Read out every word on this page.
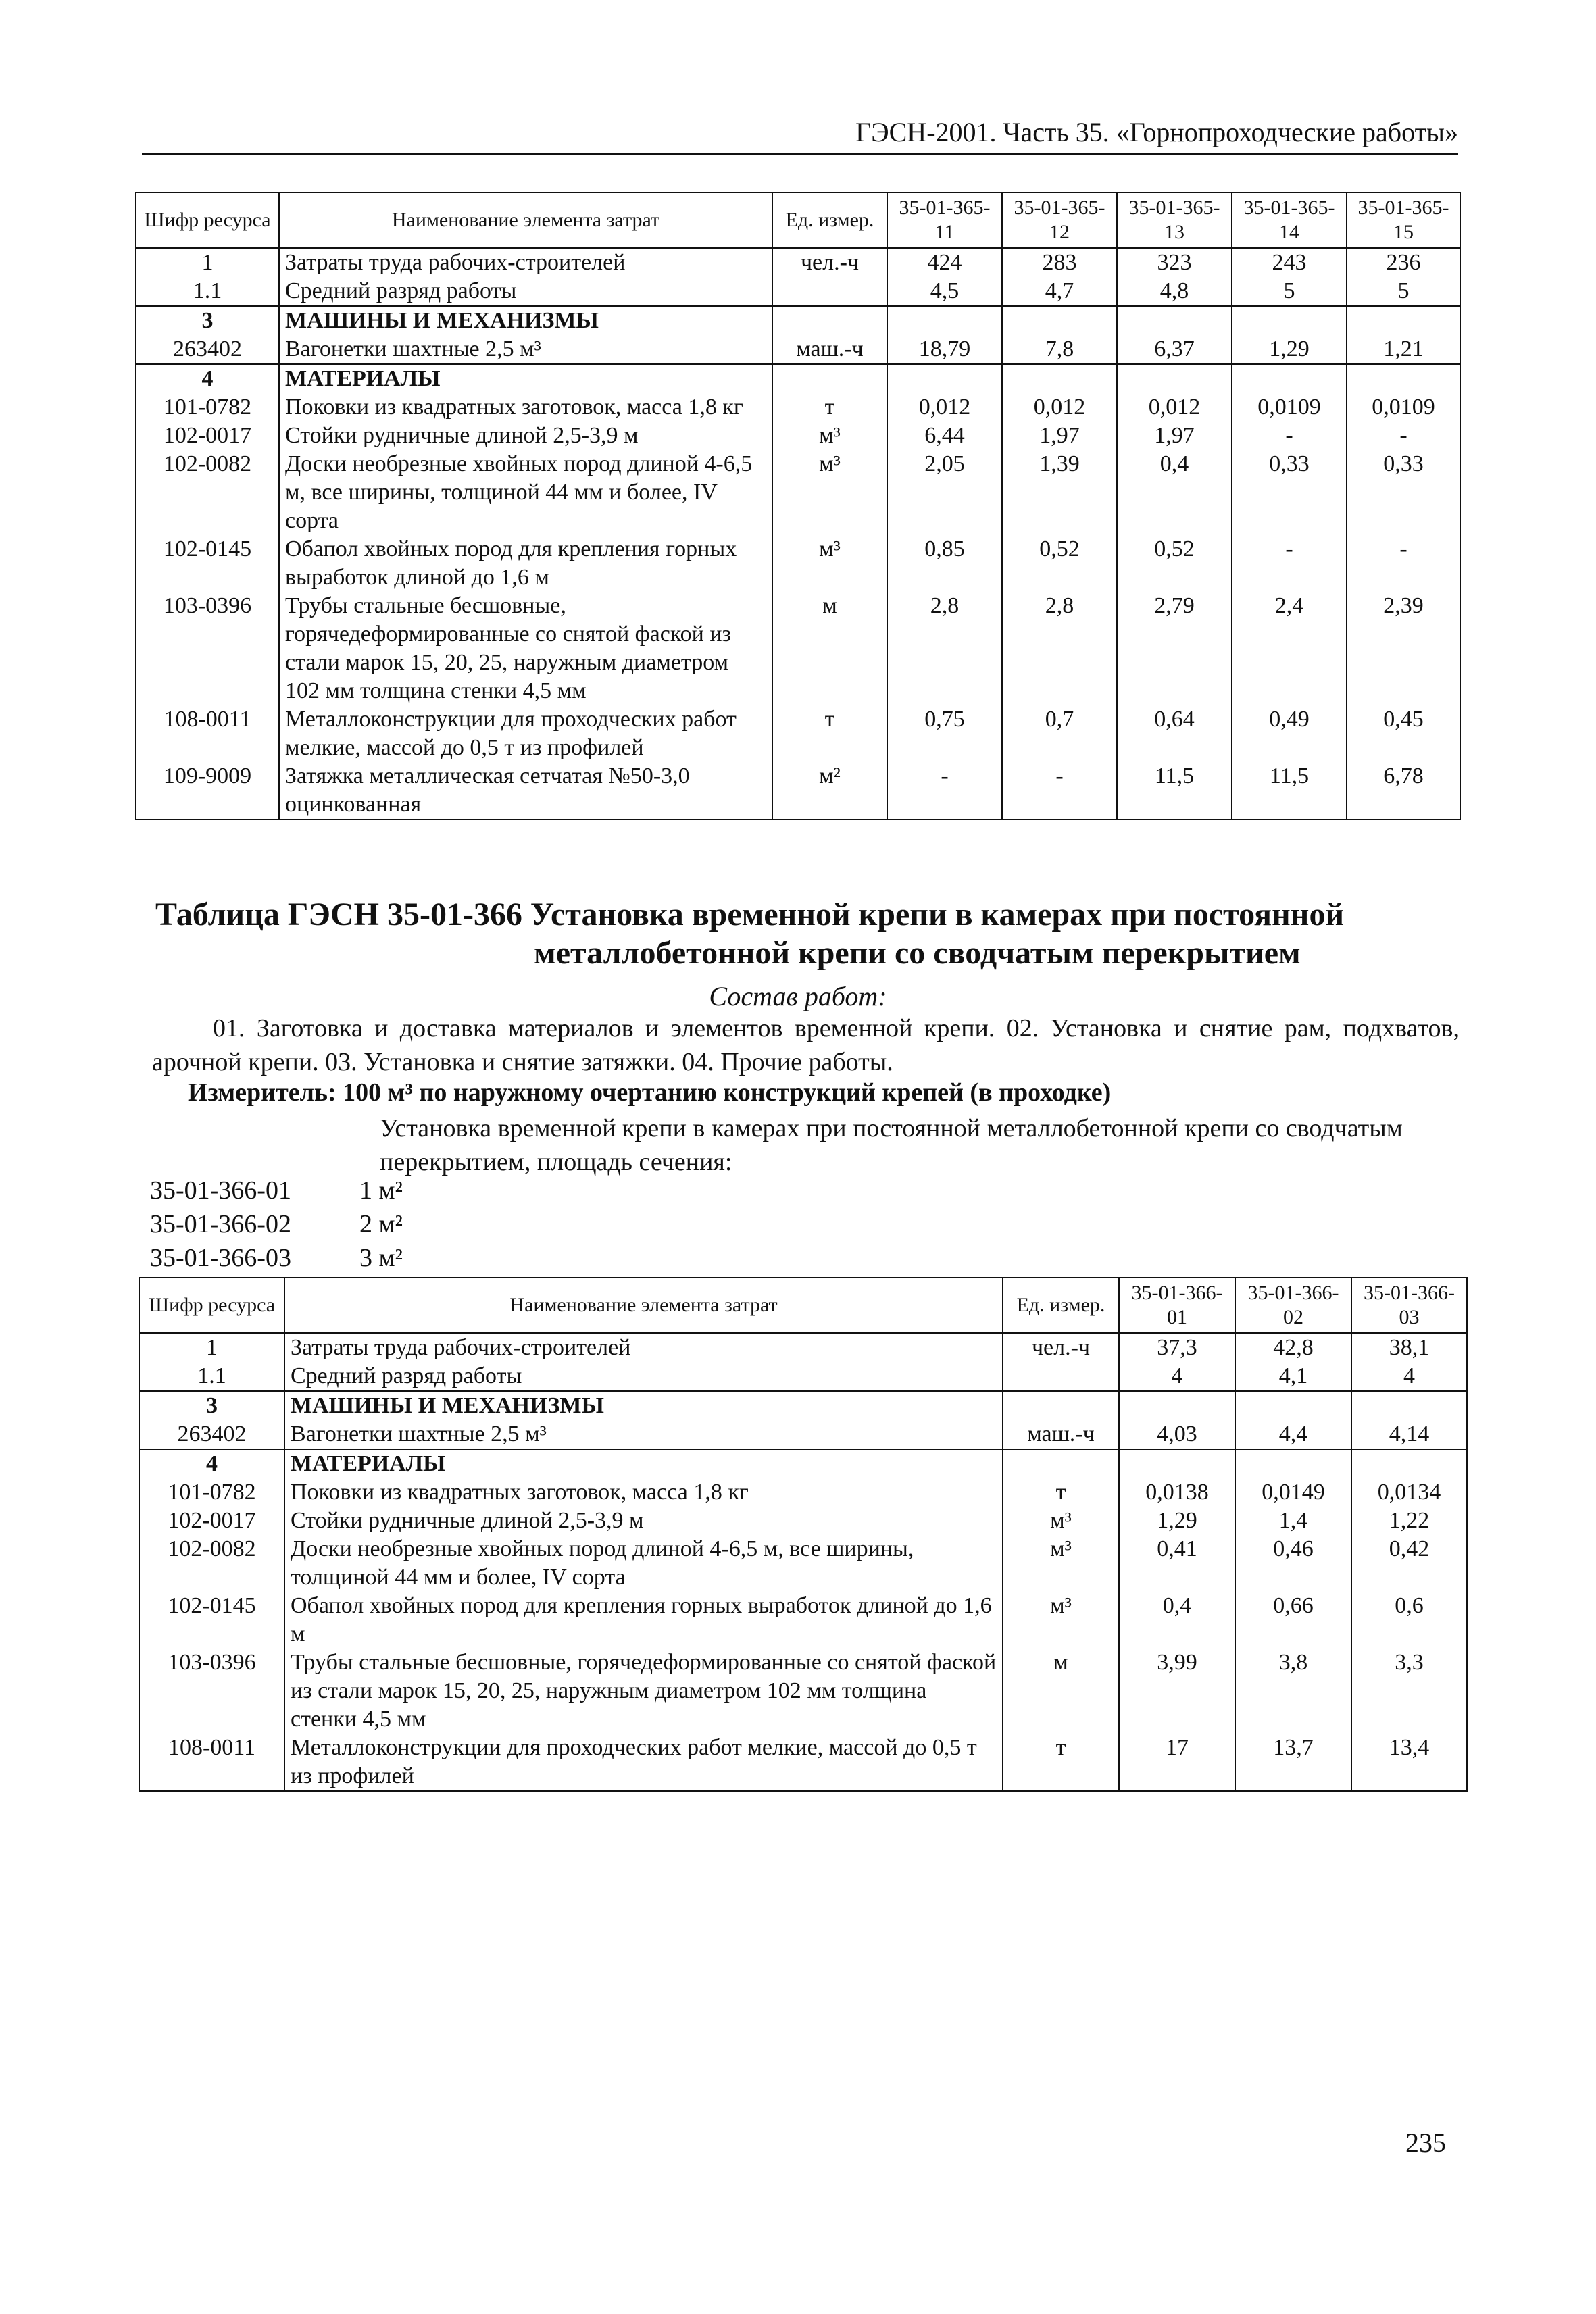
ГЭСН-2001. Часть 35. «Горнопроходческие работы»
Шифр ресурса	Наименование элемента затрат	Ед. измер.	35-01-365-11	35-01-365-12	35-01-365-13	35-01-365-14	35-01-365-15
1	Затраты труда рабочих-строителей	чел.-ч	424	283	323	243	236
1.1	Средний разряд работы		4,5	4,7	4,8	5	5
3	МАШИНЫ И МЕХАНИЗМЫ						
263402	Вагонетки шахтные 2,5 м³	маш.-ч	18,79	7,8	6,37	1,29	1,21
4	МАТЕРИАЛЫ						
101-0782	Поковки из квадратных заготовок, масса 1,8 кг	т	0,012	0,012	0,012	0,0109	0,0109
102-0017	Стойки рудничные длиной 2,5-3,9 м	м³	6,44	1,97	1,97	-	-
102-0082	Доски необрезные хвойных пород длиной 4-6,5 м, все ширины, толщиной 44 мм и более, IV сорта	м³	2,05	1,39	0,4	0,33	0,33
102-0145	Обапол хвойных пород для крепления горных выработок длиной до 1,6 м	м³	0,85	0,52	0,52	-	-
103-0396	Трубы стальные бесшовные, горячедеформированные со снятой фаской из стали марок 15, 20, 25, наружным диаметром 102 мм толщина стенки 4,5 мм	м	2,8	2,8	2,79	2,4	2,39
108-0011	Металлоконструкции для проходческих работ мелкие, массой до 0,5 т из профилей	т	0,75	0,7	0,64	0,49	0,45
109-9009	Затяжка металлическая сетчатая №50-3,0 оцинкованная	м²	-	-	11,5	11,5	6,78
Таблица ГЭСН 35-01-366 Установка временной крепи в камерах при постоянной
металлобетонной крепи со сводчатым перекрытием
Состав работ:
01. Заготовка и доставка материалов и элементов временной крепи. 02. Установка и снятие рам, подхватов, арочной крепи. 03. Установка и снятие затяжки. 04. Прочие работы.
Измеритель: 100 м³ по наружному очертанию конструкций крепей (в проходке)
Установка временной крепи в камерах при постоянной металлобетонной крепи со сводчатым перекрытием, площадь сечения:
35-01-366-01	1 м²
35-01-366-02	2 м²
35-01-366-03	3 м²
Шифр ресурса	Наименование элемента затрат	Ед. измер.	35-01-366-01	35-01-366-02	35-01-366-03
1	Затраты труда рабочих-строителей	чел.-ч	37,3	42,8	38,1
1.1	Средний разряд работы		4	4,1	4
3	МАШИНЫ И МЕХАНИЗМЫ				
263402	Вагонетки шахтные 2,5 м³	маш.-ч	4,03	4,4	4,14
4	МАТЕРИАЛЫ				
101-0782	Поковки из квадратных заготовок, масса 1,8 кг	т	0,0138	0,0149	0,0134
102-0017	Стойки рудничные длиной 2,5-3,9 м	м³	1,29	1,4	1,22
102-0082	Доски необрезные хвойных пород длиной 4-6,5 м, все ширины, толщиной 44 мм и более, IV сорта	м³	0,41	0,46	0,42
102-0145	Обапол хвойных пород для крепления горных выработок длиной до 1,6 м	м³	0,4	0,66	0,6
103-0396	Трубы стальные бесшовные, горячедеформированные со снятой фаской из стали марок 15, 20, 25, наружным диаметром 102 мм толщина стенки 4,5 мм	м	3,99	3,8	3,3
108-0011	Металлоконструкции для проходческих работ мелкие, массой до 0,5 т из профилей	т	17	13,7	13,4
235
